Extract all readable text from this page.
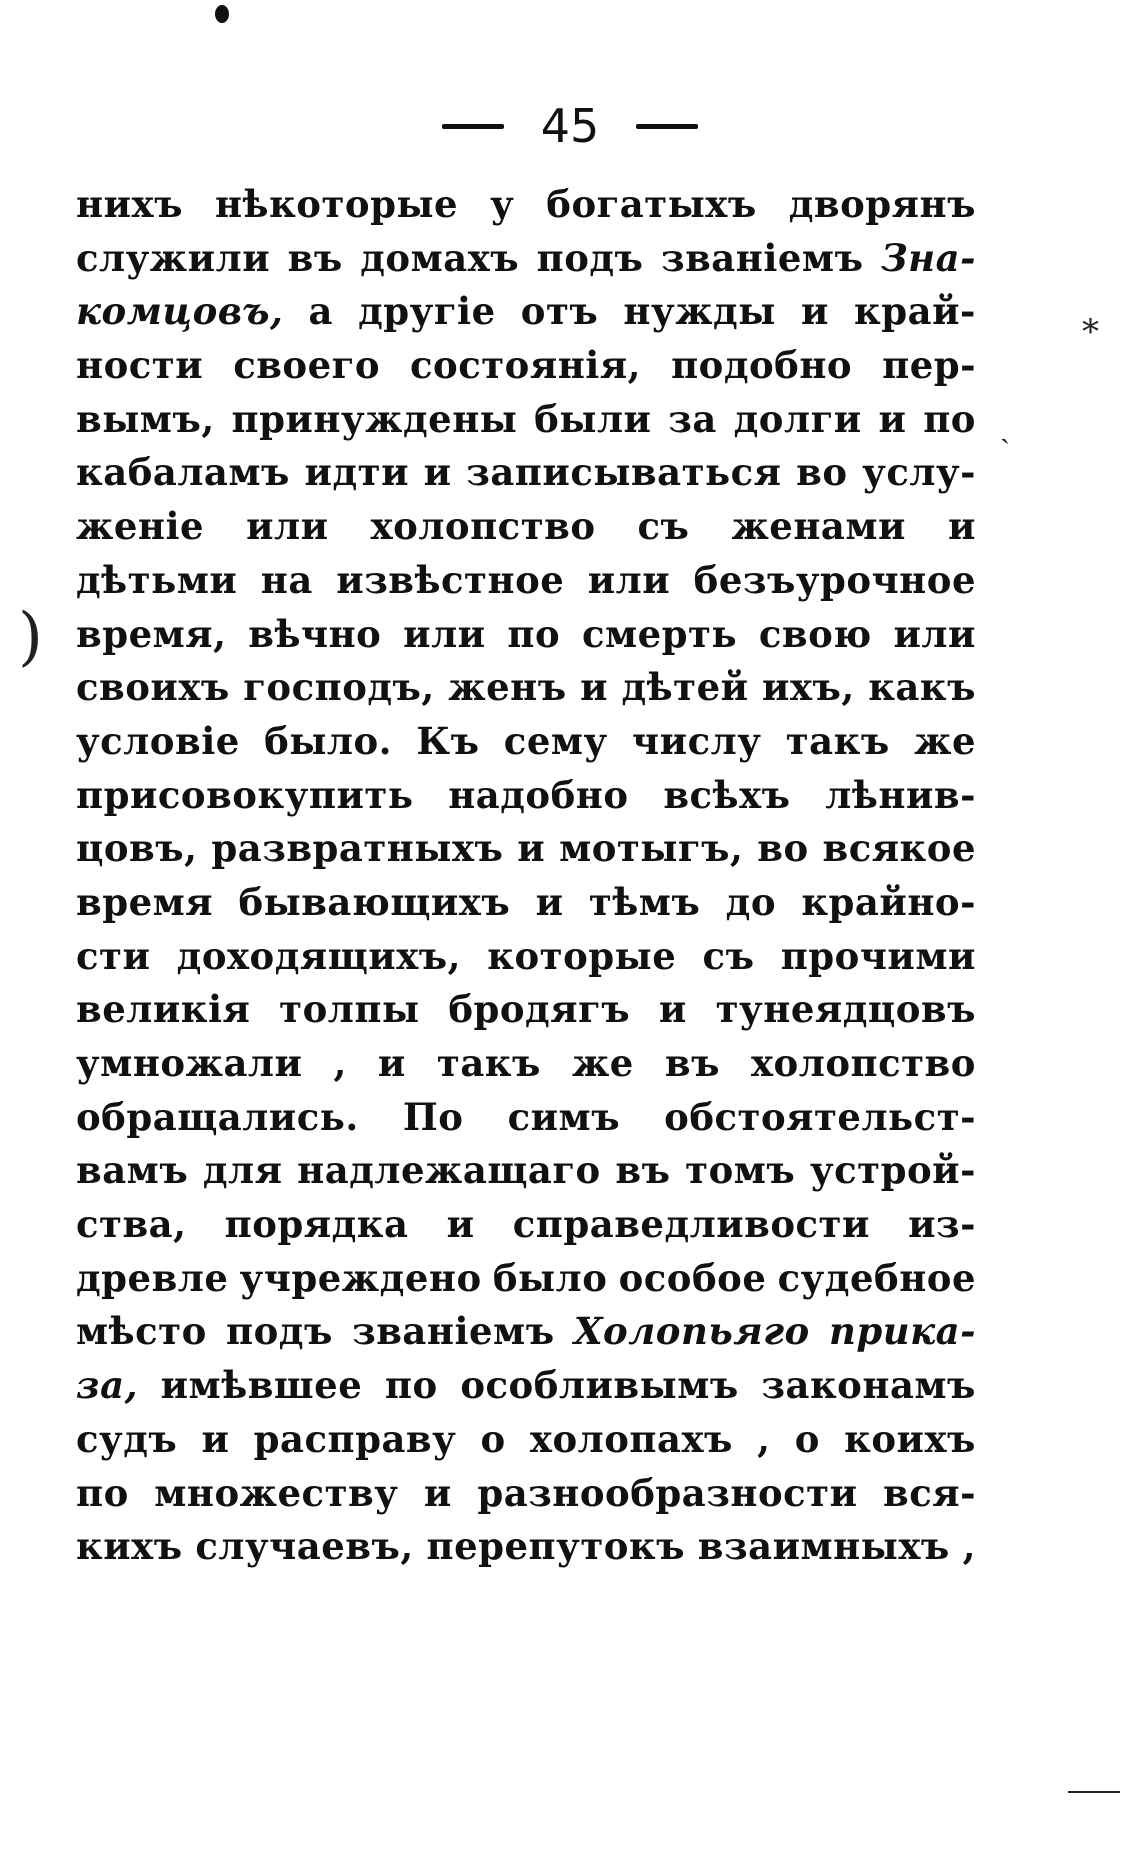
45
нихъ нѣкоторые у богатыхъ дворянъ
служили въ домахъ подъ званіемъ Зна-
комцовъ, а другіе отъ нужды и край-
ности своего состоянія, подобно пер-
вымъ, принуждены были за долги и по
кабаламъ идти и записываться во услу-
женіе или холопство съ женами и
дѣтьми на извѣстное или безъурочное
время, вѣчно или по смерть свою или
своихъ господъ, женъ и дѣтей ихъ, какъ
условіе было. Къ сему числу такъ же
присовокупить надобно всѣхъ лѣнив-
цовъ, развратныхъ и мотыгъ, во всякое
время бывающихъ и тѣмъ до крайно-
сти доходящихъ, которые съ прочими
великія толпы бродягъ и тунеядцовъ
умножали , и такъ же въ холопство
обращались. По симъ обстоятельст-
вамъ для надлежащаго въ томъ устрой-
ства, порядка и справедливости из-
древле учреждено было особое судебное
мѣсто подъ званіемъ Холопьяго прика-
за, имѣвшее по особливымъ законамъ
судъ и расправу о холопахъ , о коихъ
по множеству и разнообразности вся-
кихъ случаевъ, перепутокъ взаимныхъ ,
*
ˎ
)
